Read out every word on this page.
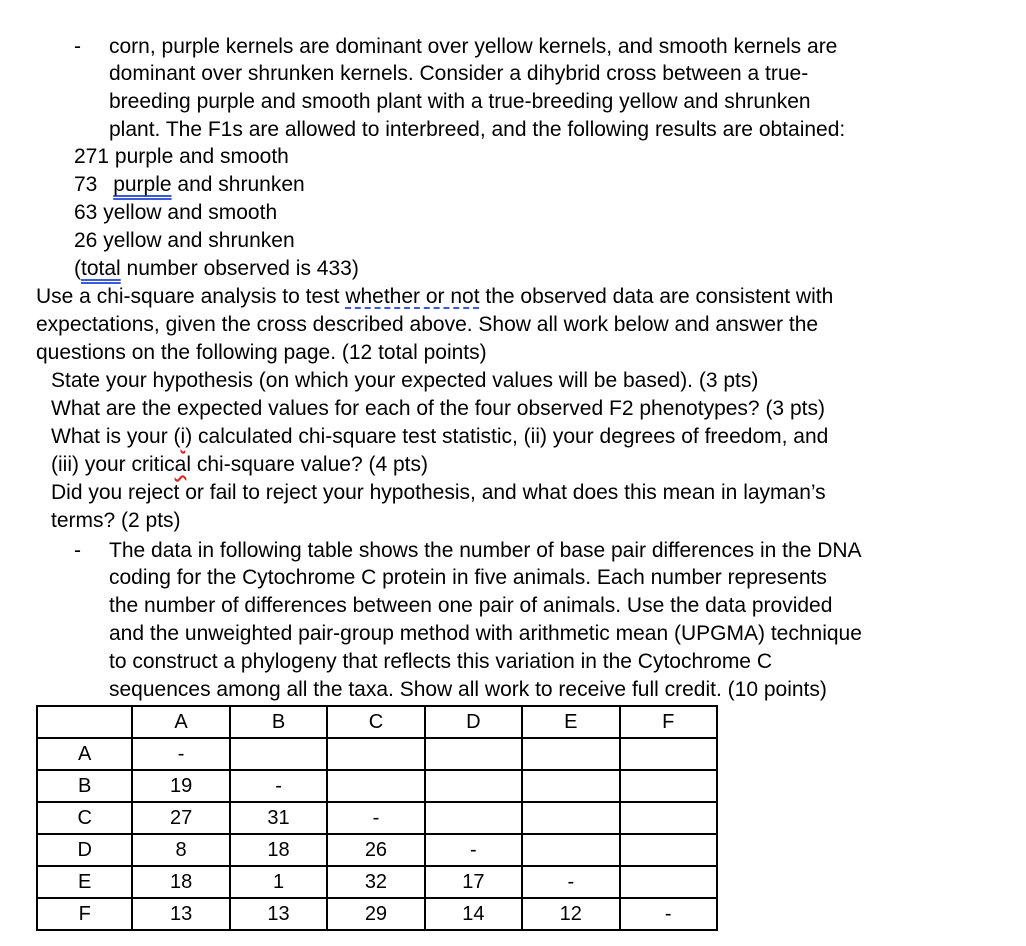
- corn, purple kernels are dominant over yellow kernels, and smooth kernels are
dominant over shrunken kernels. Consider a dihybrid cross between a true-
breeding purple and smooth plant with a true-breeding yellow and shrunken
plant. The F1s are allowed to interbreed, and the following results are obtained:
271 purple and smooth
73 purple and shrunken
63 yellow and smooth
26 yellow and shrunken
(total number observed is 433)
Use a chi-square analysis to test whether or not the observed data are consistent with
expectations, given the cross described above. Show all work below and answer the
questions on the following page. (12 total points)
State your hypothesis (on which your expected values will be based). (3 pts)
What are the expected values for each of the four observed F2 phenotypes? (3 pts)
What is your (i) calculated chi-square test statistic, (ii) your degrees of freedom, and
(iii) your critical chi-square value? (4 pts)
Did you reject or fail to reject your hypothesis, and what does this mean in layman’s
terms? (2 pts)
- The data in following table shows the number of base pair differences in the DNA
coding for the Cytochrome C protein in five animals. Each number represents
the number of differences between one pair of animals. Use the data provided
and the unweighted pair-group method with arithmetic mean (UPGMA) technique
to construct a phylogeny that reflects this variation in the Cytochrome C
sequences among all the taxa. Show all work to receive full credit. (10 points)
	A	B	C	D	E	F
A	-					
B	19	-				
C	27	31	-			
D	8	18	26	-		
E	18	1	32	17	-	
F	13	13	29	14	12	-
